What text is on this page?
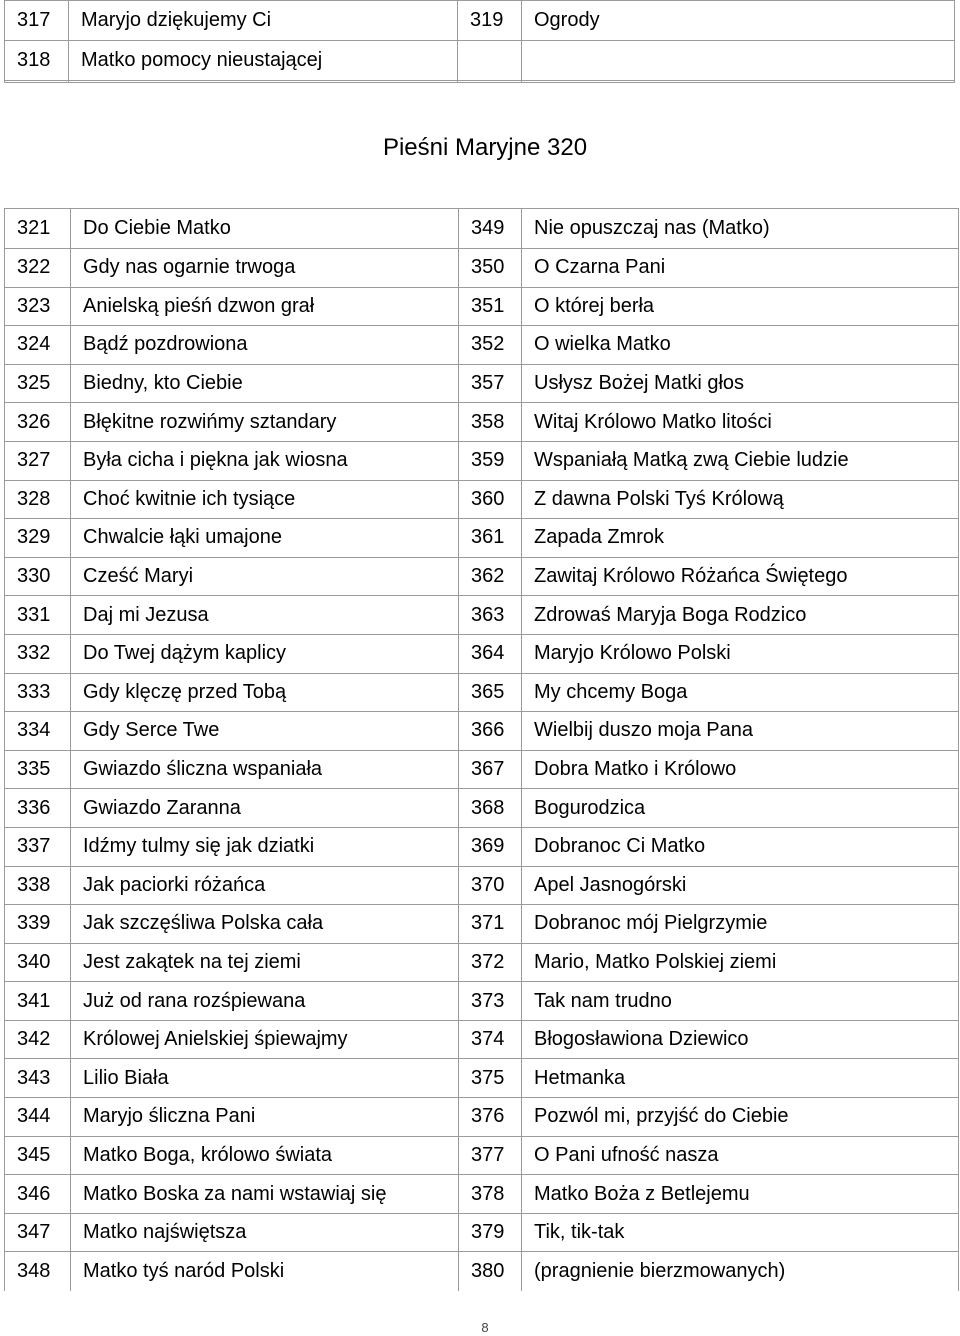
317	Maryjo dziękujemy Ci	319	Ogrody
318	Matko pomocy nieustającej		

Pieśni Maryjne 320
321	Do Ciebie Matko	349	Nie opuszczaj nas (Matko)
322	Gdy nas ogarnie trwoga	350	O Czarna Pani
323	Anielską pieśń dzwon grał	351	O której berła
324	Bądź pozdrowiona	352	O wielka Matko
325	Biedny, kto Ciebie	357	Usłysz Bożej Matki głos
326	Błękitne rozwińmy sztandary	358	Witaj Królowo Matko litości
327	Była cicha i piękna jak wiosna	359	Wspaniałą Matką zwą Ciebie ludzie
328	Choć kwitnie ich tysiące	360	Z dawna Polski Tyś Królową
329	Chwalcie łąki umajone	361	Zapada Zmrok
330	Cześć Maryi	362	Zawitaj Królowo Różańca Świętego
331	Daj mi Jezusa	363	Zdrowaś Maryja Boga Rodzico
332	Do Twej dążym kaplicy	364	Maryjo Królowo Polski
333	Gdy klęczę przed Tobą	365	My chcemy Boga
334	Gdy Serce Twe	366	Wielbij duszo moja Pana
335	Gwiazdo śliczna wspaniała	367	Dobra Matko i Królowo
336	Gwiazdo Zaranna	368	Bogurodzica
337	Idźmy tulmy się jak dziatki	369	Dobranoc Ci Matko
338	Jak paciorki różańca	370	Apel Jasnogórski
339	Jak szczęśliwa Polska cała	371	Dobranoc mój Pielgrzymie
340	Jest zakątek na tej ziemi	372	Mario, Matko Polskiej ziemi
341	Już od rana rozśpiewana	373	Tak nam trudno
342	Królowej Anielskiej śpiewajmy	374	Błogosławiona Dziewico
343	Lilio Biała	375	Hetmanka
344	Maryjo śliczna Pani	376	Pozwól mi, przyjść do Ciebie
345	Matko Boga, królowo świata	377	O Pani ufność nasza
346	Matko Boska za nami wstawiaj się	378	Matko Boża z Betlejemu
347	Matko najświętsza	379	Tik, tik-tak
348	Matko tyś naród Polski	380	(pragnienie bierzmowanych)
8
